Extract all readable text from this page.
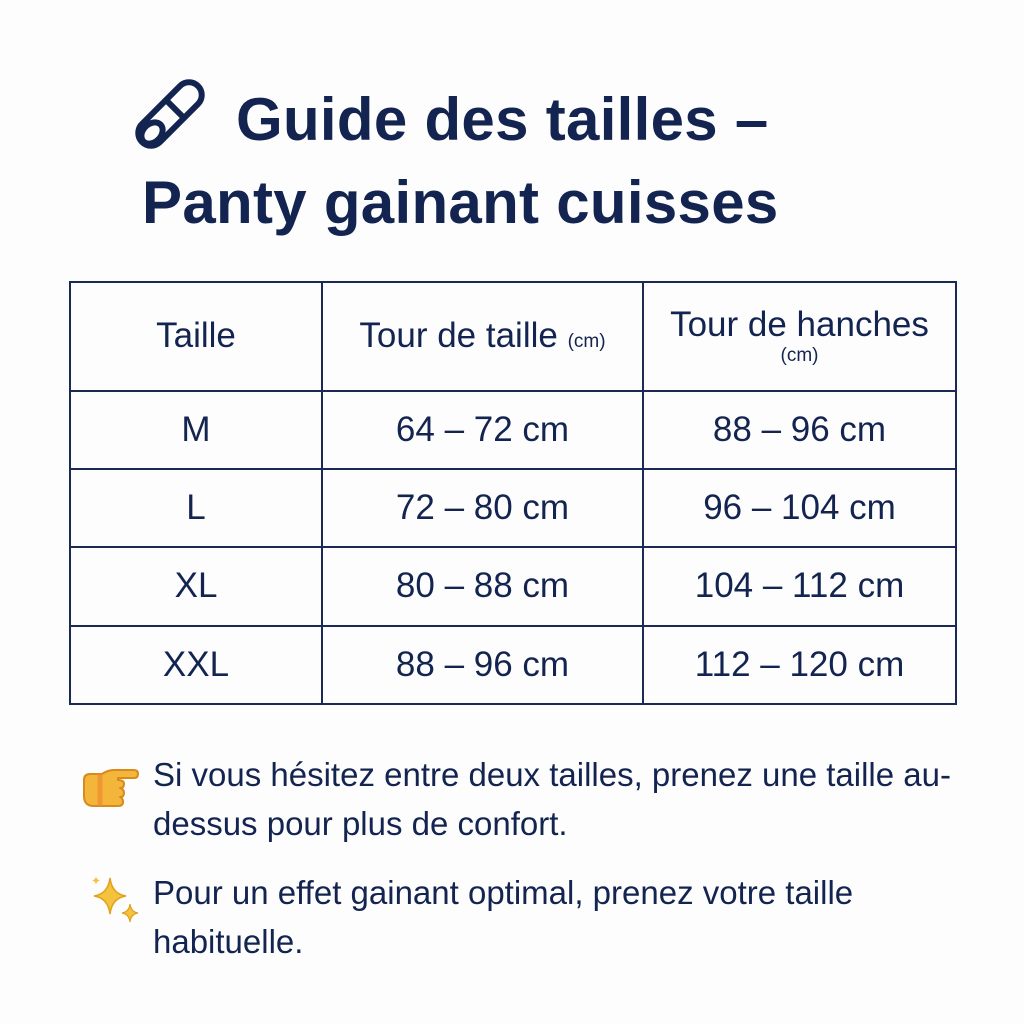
Guide des tailles –
Panty gainant cuisses
Taille	Tour de taille (cm)	Tour de hanches
(cm)

M	64 – 72 cm	88 – 96 cm
L	72 – 80 cm	96 – 104 cm
XL	80 – 88 cm	104 – 112 cm
XXL	88 – 96 cm	112 – 120 cm
Si vous hésitez entre deux tailles, prenez une taille au-dessus pour plus de confort.
Pour un effet gainant optimal, prenez votre taille habituelle.
